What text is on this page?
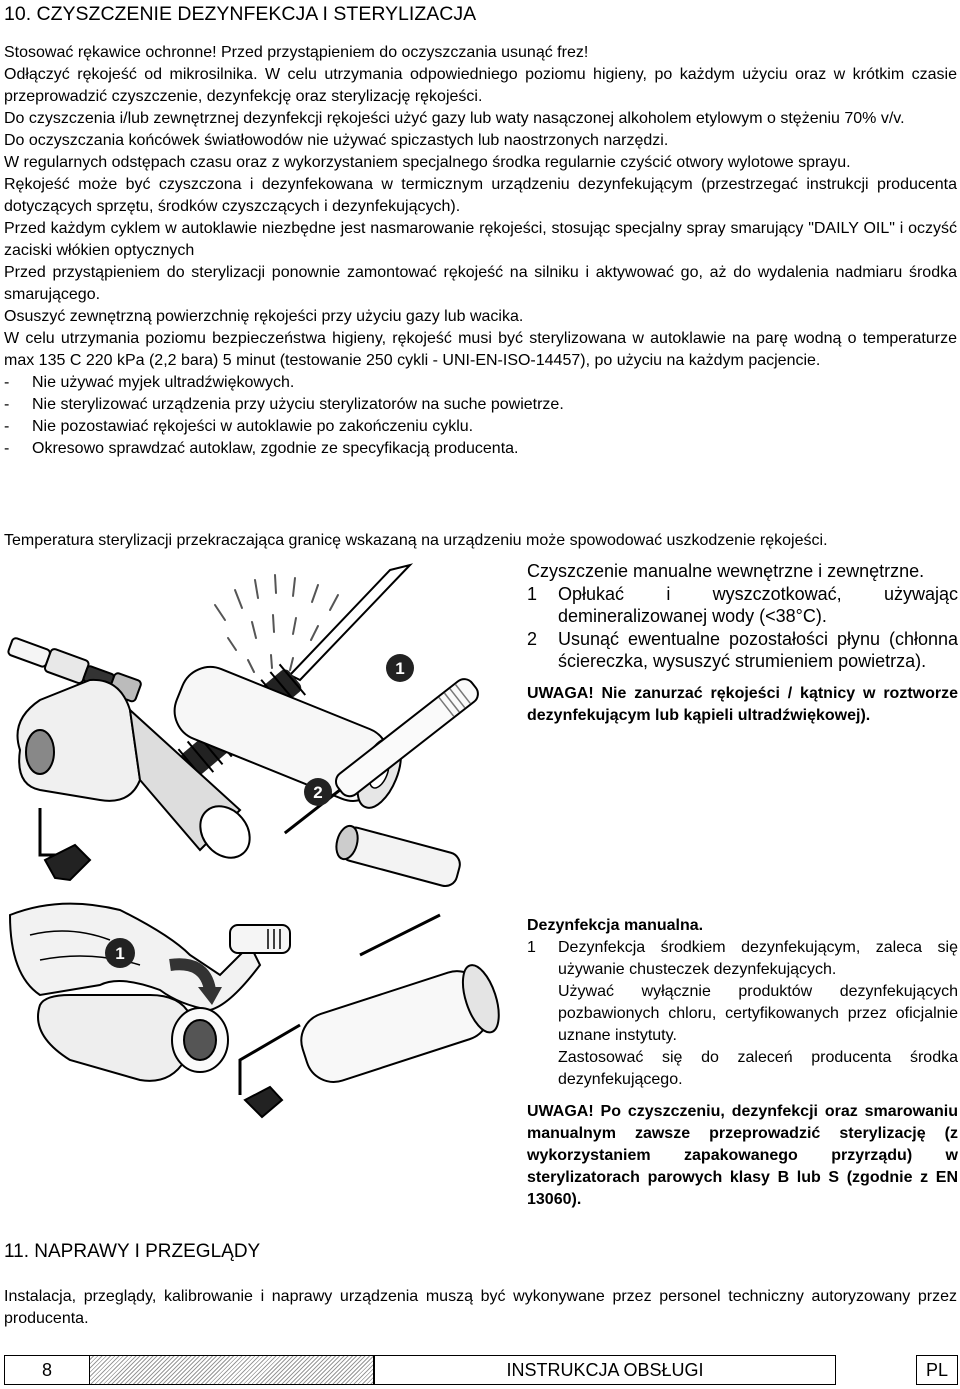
10. CZYSZCZENIE DEZYNFEKCJA I STERYLIZACJA

Stosować rękawice ochronne! Przed przystąpieniem do oczyszczania usunąć frez!

Odłączyć rękojeść od mikrosilnika. W celu utrzymania odpowiedniego poziomu higieny, po każdym użyciu oraz w krótkim czasie przeprowadzić czyszczenie, dezynfekcję oraz sterylizację rękojeści.

Do czyszczenia i/lub zewnętrznej dezynfekcji rękojeści użyć gazy lub waty nasączonej alkoholem etylowym o stężeniu 70% v/v.

Do oczyszczania końcówek światłowodów nie używać spiczastych lub naostrzonych narzędzi.

W regularnych odstępach czasu oraz z wykorzystaniem specjalnego środka regularnie czyścić otwory wylotowe sprayu.

Rękojeść może być czyszczona i dezynfekowana w termicznym urządzeniu dezynfekującym (przestrzegać instrukcji producenta dotyczących sprzętu, środków czyszczących i dezynfekujących).

Przed każdym cyklem w autoklawie niezbędne jest nasmarowanie rękojeści, stosując specjalny spray smarujący "DAILY OIL" i oczyść zaciski włókien optycznych

Przed przystąpieniem do sterylizacji ponownie zamontować rękojeść na silniku i aktywować go, aż do wydalenia nadmiaru środka smarującego.

Osuszyć zewnętrzną powierzchnię rękojeści przy użyciu gazy lub wacika.

W celu utrzymania poziomu bezpieczeństwa higieny, rękojeść musi być sterylizowana w autoklawie na parę wodną o temperaturze max 135 C 220 kPa (2,2 bara) 5 minut (testowanie 250 cykli - UNI-EN-ISO-14457), po użyciu na każdym pacjencie.

-	Nie używać myjek ultradźwiękowych.

-	Nie sterylizować urządzenia przy użyciu sterylizatorów na suche powietrze.

-	Nie pozostawiać rękojeści w autoklawie po zakończeniu cyklu.

-	Okresowo sprawdzać autoklaw, zgodnie ze specyfikacją producenta.

Temperatura sterylizacji przekraczająca granicę wskazaną na urządzeniu może spowodować uszkodzenie rękojeści.
1
2

Czyszczenie manualne wewnętrzne i zewnętrzne.

1	Opłukać i wyszczotkować, używając demineralizowanej wody (<38°C).
2	Usunąć ewentualne pozostałości płynu (chłonna ściereczka, wysuszyć strumieniem powietrza).

UWAGA! Nie zanurzać rękojeści / kątnicy w roztworze dezynfekującym lub kąpieli ultradźwiękowej).

1

Dezynfekcja manualna.

1	Dezynfekcja środkiem dezynfekującym, zaleca się używanie chusteczek dezynfekujących.

Używać wyłącznie produktów dezynfekujących pozbawionych chloru, certyfikowanych przez oficjalnie uznane instytuty.

Zastosować się do zaleceń producenta środka dezynfekującego.

UWAGA! Po czyszczeniu, dezynfekcji oraz smarowaniu manualnym zawsze przeprowadzić sterylizację (z wykorzystaniem zapakowanego przyrządu) w sterylizatorach parowych klasy B lub S (zgodnie z EN 13060).

11. NAPRAWY I PRZEGLĄDY
Instalacja, przeglądy, kalibrowanie i naprawy urządzenia muszą być wykonywane przez personel techniczny autoryzowany przez producenta.
8	INSTRUKCJA OBSŁUGI	PL
